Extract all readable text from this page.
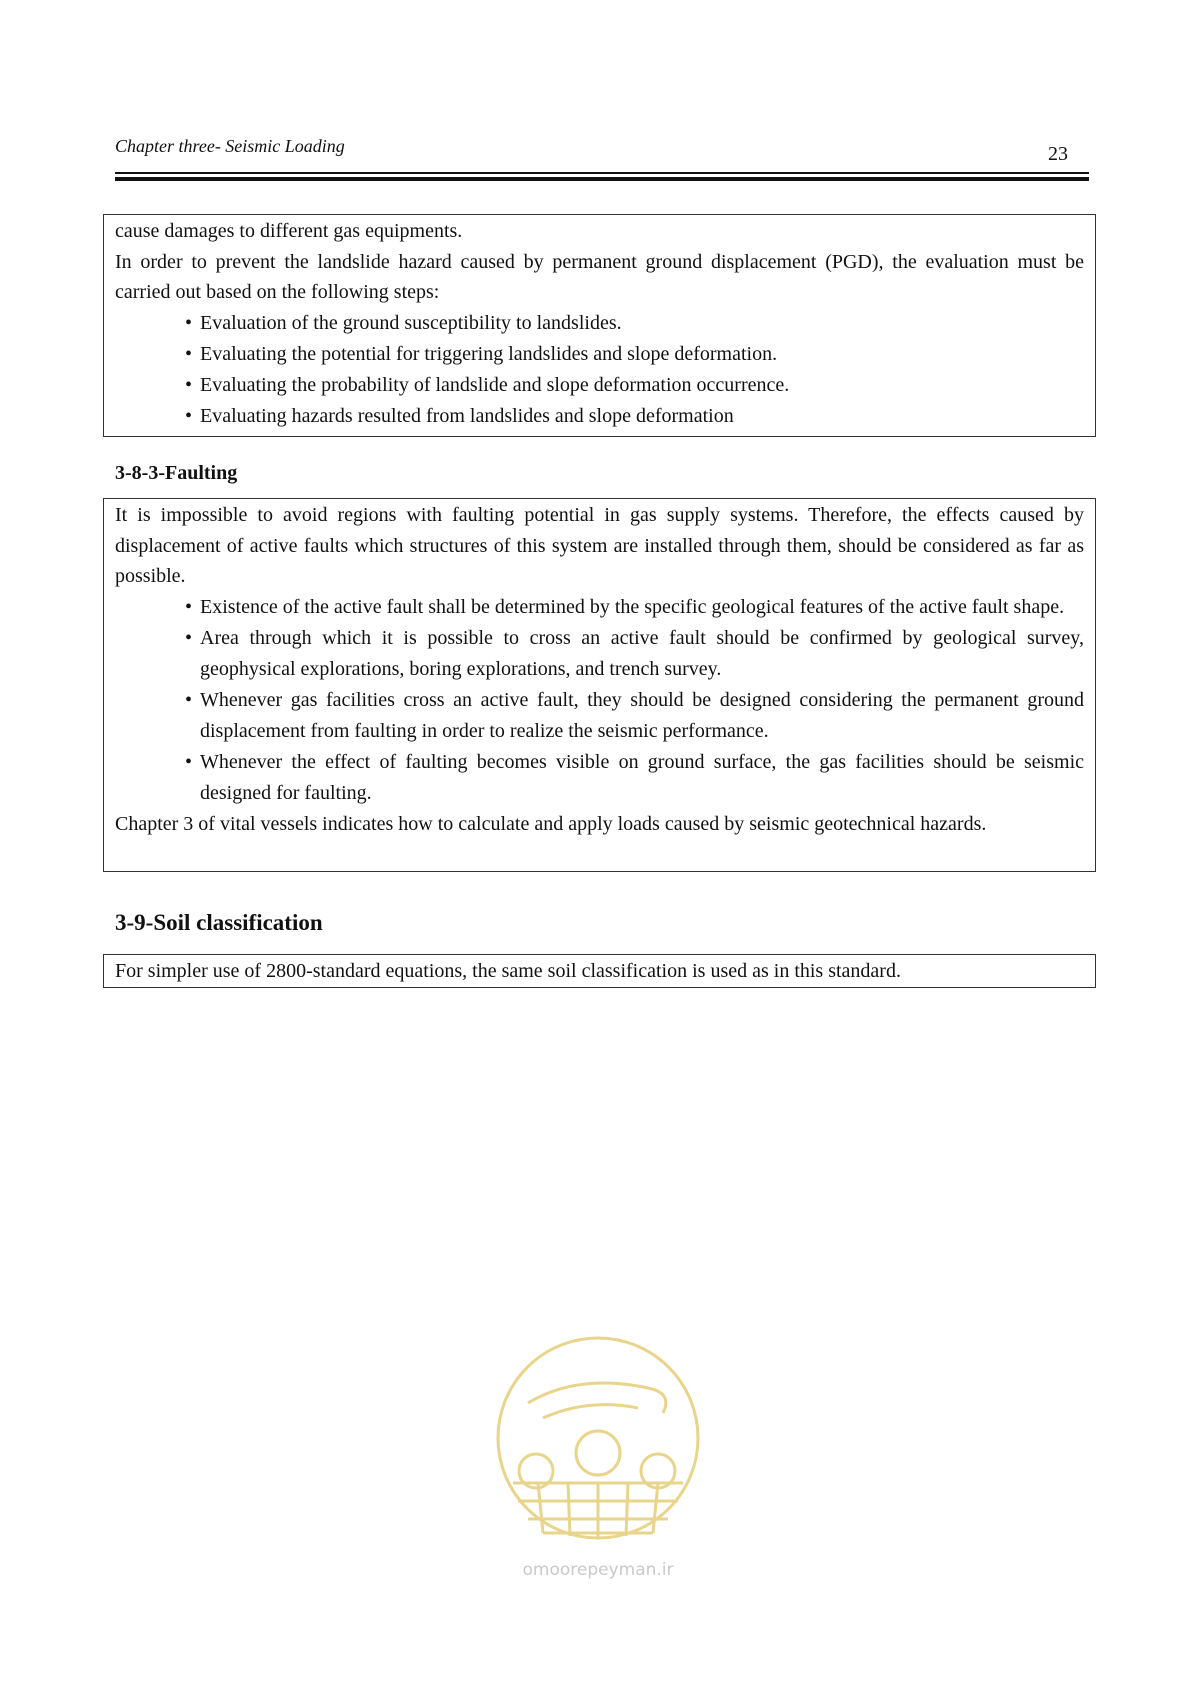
Chapter three- Seismic Loading	23

cause damages to different gas equipments.

In order to prevent the landslide hazard caused by permanent ground displacement (PGD), the evaluation must be carried out based on the following steps:

• Evaluation of the ground susceptibility to landslides.
• Evaluating the potential for triggering landslides and slope deformation.
• Evaluating the probability of landslide and slope deformation occurrence.
• Evaluating hazards resulted from landslides and slope deformation
3-8-3-Faulting

It is impossible to avoid regions with faulting potential in gas supply systems. Therefore, the effects caused by displacement of active faults which structures of this system are installed through them, should be considered as far as possible.

• Existence of the active fault shall be determined by the specific geological features of the active fault shape.
• Area through which it is possible to cross an active fault should be confirmed by geological survey, geophysical explorations, boring explorations, and trench survey.
• Whenever gas facilities cross an active fault, they should be designed considering the permanent ground displacement from faulting in order to realize the seismic performance.
• Whenever the effect of faulting becomes visible on ground surface, the gas facilities should be seismic designed for faulting.

Chapter 3 of vital vessels indicates how to calculate and apply loads caused by seismic geotechnical hazards.

3-9-Soil classification

For simpler use of 2800-standard equations, the same soil classification is used as in this standard.

omoorepeyman.ir
